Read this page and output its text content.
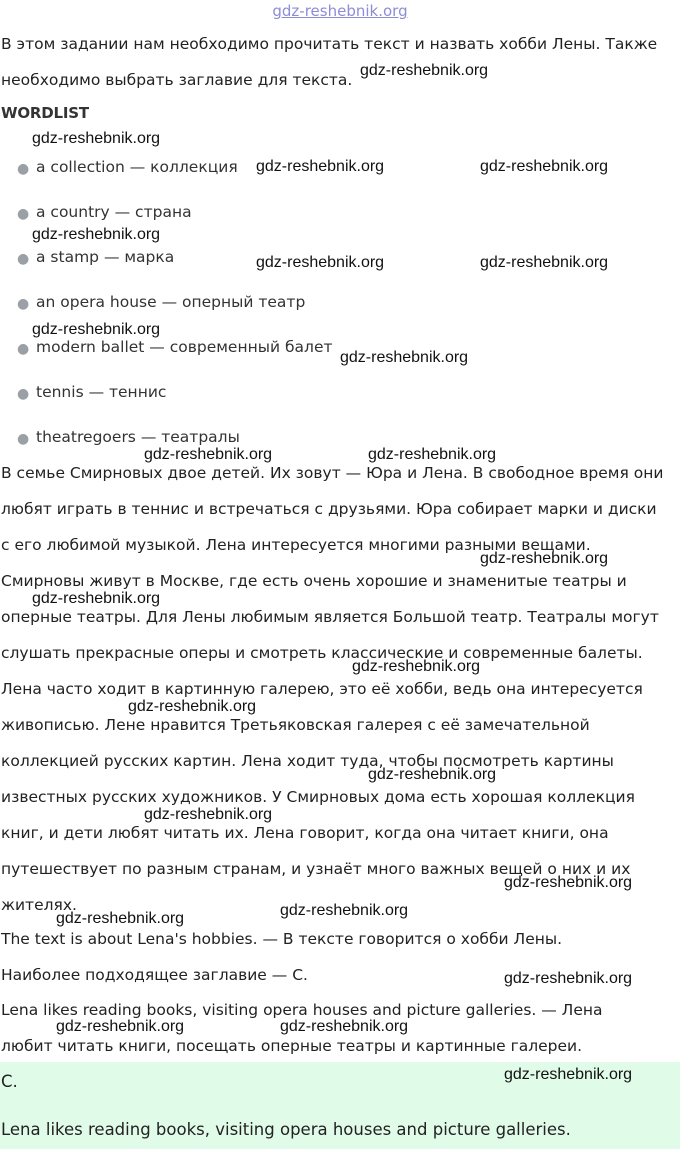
gdz-reshebnik.org
В этом задании нам необходимо прочитать текст и назвать хобби Лены. Также
необходимо выбрать заглавие для текста.
WORDLIST
● a collection — коллекция
● a country — страна
● a stamp — марка
● an opera house — оперный театр
● modern ballet — современный балет
● tennis — теннис
● theatregoers — театралы
В семье Смирновых двое детей. Их зовут — Юра и Лена. В свободное время они
любят играть в теннис и встречаться с друзьями. Юра собирает марки и диски
с его любимой музыкой. Лена интересуется многими разными вещами.
Смирновы живут в Москве, где есть очень хорошие и знаменитые театры и
оперные театры. Для Лены любимым является Большой театр. Театралы могут
слушать прекрасные оперы и смотреть классические и современные балеты.
Лена часто ходит в картинную галерею, это её хобби, ведь она интересуется
живописью. Лене нравится Третьяковская галерея с её замечательной
коллекцией русских картин. Лена ходит туда, чтобы посмотреть картины
известных русских художников. У Смирновых дома есть хорошая коллекция
книг, и дети любят читать их. Лена говорит, когда она читает книги, она
путешествует по разным странам, и узнаёт много важных вещей о них и их
жителях.
The text is about Lena's hobbies. — В тексте говорится о хобби Лены.
Наиболее подходящее заглавие — С.
Lena likes reading books, visiting opera houses and picture galleries. — Лена
любит читать книги, посещать оперные театры и картинные галереи.
C.
Lena likes reading books, visiting opera houses and picture galleries.
gdz-reshebnik.org
gdz-reshebnik.org
gdz-reshebnik.org	gdz-reshebnik.org
gdz-reshebnik.org
gdz-reshebnik.org	gdz-reshebnik.org
gdz-reshebnik.org
gdz-reshebnik.org
gdz-reshebnik.org	gdz-reshebnik.org
gdz-reshebnik.org
gdz-reshebnik.org
gdz-reshebnik.org
gdz-reshebnik.org
gdz-reshebnik.org
gdz-reshebnik.org
gdz-reshebnik.org
gdz-reshebnik.org
gdz-reshebnik.org
gdz-reshebnik.org
gdz-reshebnik.org	gdz-reshebnik.org
gdz-reshebnik.org
